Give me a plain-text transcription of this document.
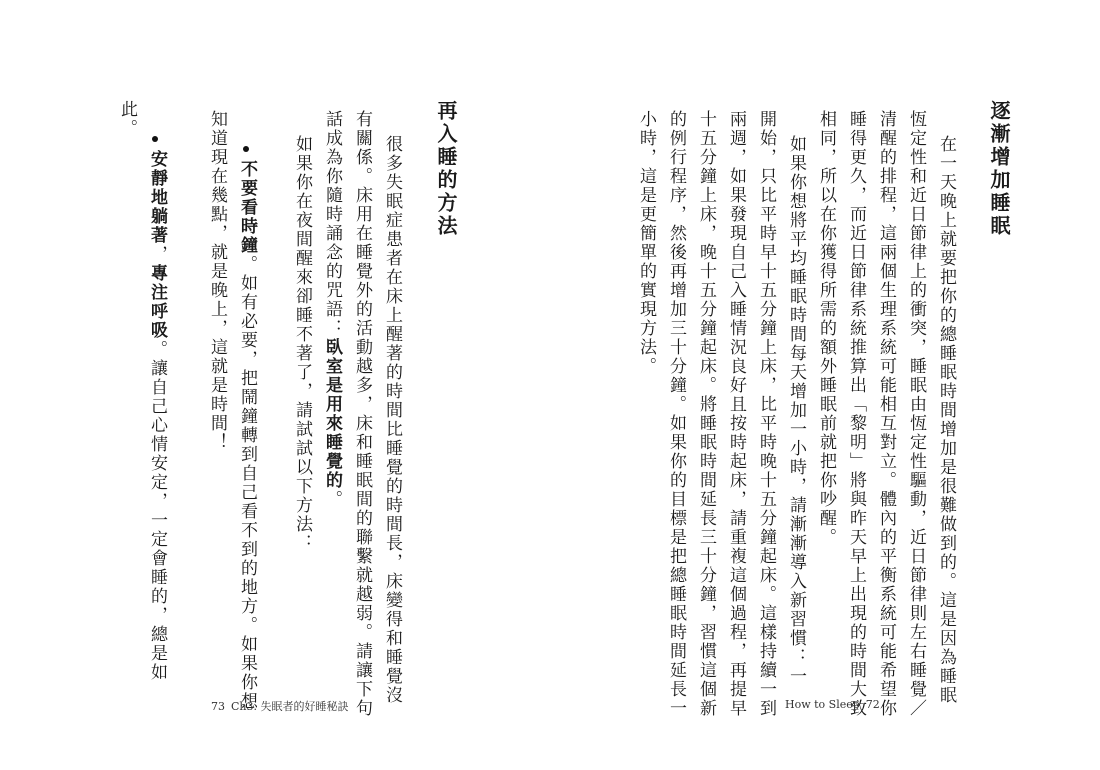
逐漸增加睡眠
在一天晚上就要把你的總睡眠時間增加是很難做到的。這是因為睡眠
恆定性和近日節律上的衝突，睡眠由恆定性驅動，近日節律則左右睡覺／
清醒的排程，這兩個生理系統可能相互對立。體內的平衡系統可能希望你
睡得更久，而近日節律系統推算出「黎明」將與昨天早上出現的時間大致
相同，所以在你獲得所需的額外睡眠前就把你吵醒。
如果你想將平均睡眠時間每天增加一小時，請漸漸導入新習慣：一
開始，只比平時早十五分鐘上床，比平時晚十五分鐘起床。這樣持續一到
兩週，如果發現自己入睡情況良好且按時起床，請重複這個過程，再提早
十五分鐘上床，晚十五分鐘起床。將睡眠時間延長三十分鐘，習慣這個新
的例行程序，然後再增加三十分鐘。如果你的目標是把總睡眠時間延長一
小時，這是更簡單的實現方法。
How to Sleep 72
再入睡的方法
很多失眠症患者在床上醒著的時間比睡覺的時間長，床變得和睡覺沒
有關係。床用在睡覺外的活動越多，床和睡眠間的聯繫就越弱。請讓下句
話成為你隨時誦念的咒語：臥室是用來睡覺的。
如果你在夜間醒來卻睡不著了，請試試以下方法：
不要看時鐘。如有必要，把鬧鐘轉到自己看不到的地方。如果你想
知道現在幾點，就是晚上，這就是時間！
安靜地躺著，專注呼吸。讓自己心情安定，一定會睡的，總是如
此。
73 Ch3. 失眠者的好睡秘訣
